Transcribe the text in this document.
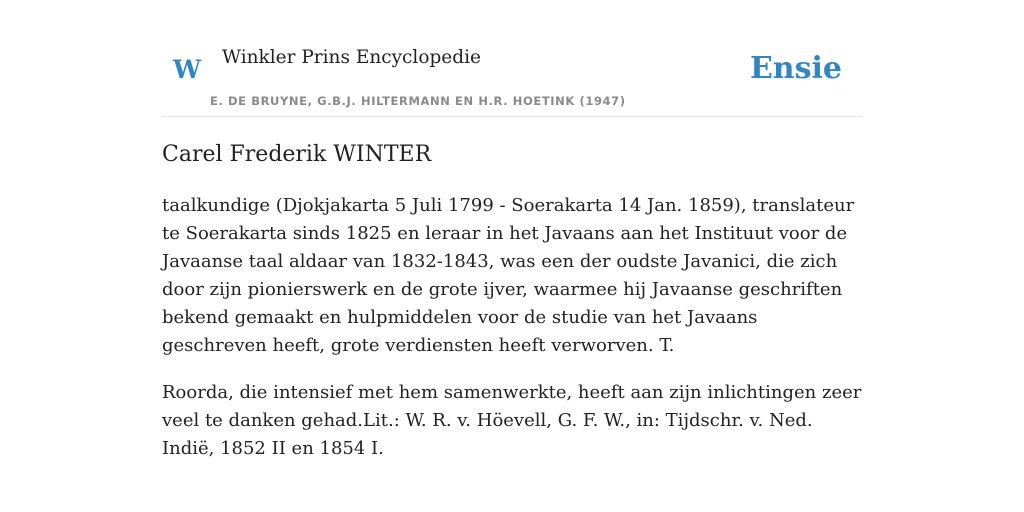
W Winkler Prins Encyclopedie
E. DE BRUYNE, G.B.J. HILTERMANN EN H.R. HOETINK (1947)
Ensie
Carel Frederik WINTER

taalkundige (Djokjakarta 5 Juli 1799 - Soerakarta 14 Jan. 1859), translateur te Soerakarta sinds 1825 en leraar in het Javaans aan het Instituut voor de Javaanse taal aldaar van 1832-1843, was een der oudste Javanici, die zich door zijn pionierswerk en de grote ijver, waarmee hij Javaanse geschriften bekend gemaakt en hulpmiddelen voor de studie van het Javaans geschreven heeft, grote verdiensten heeft verworven. T.

Roorda, die intensief met hem samenwerkte, heeft aan zijn inlichtingen zeer veel te danken gehad.Lit.: W. R. v. Höevell, G. F. W., in: Tijdschr. v. Ned. Indië, 1852 II en 1854 I.
